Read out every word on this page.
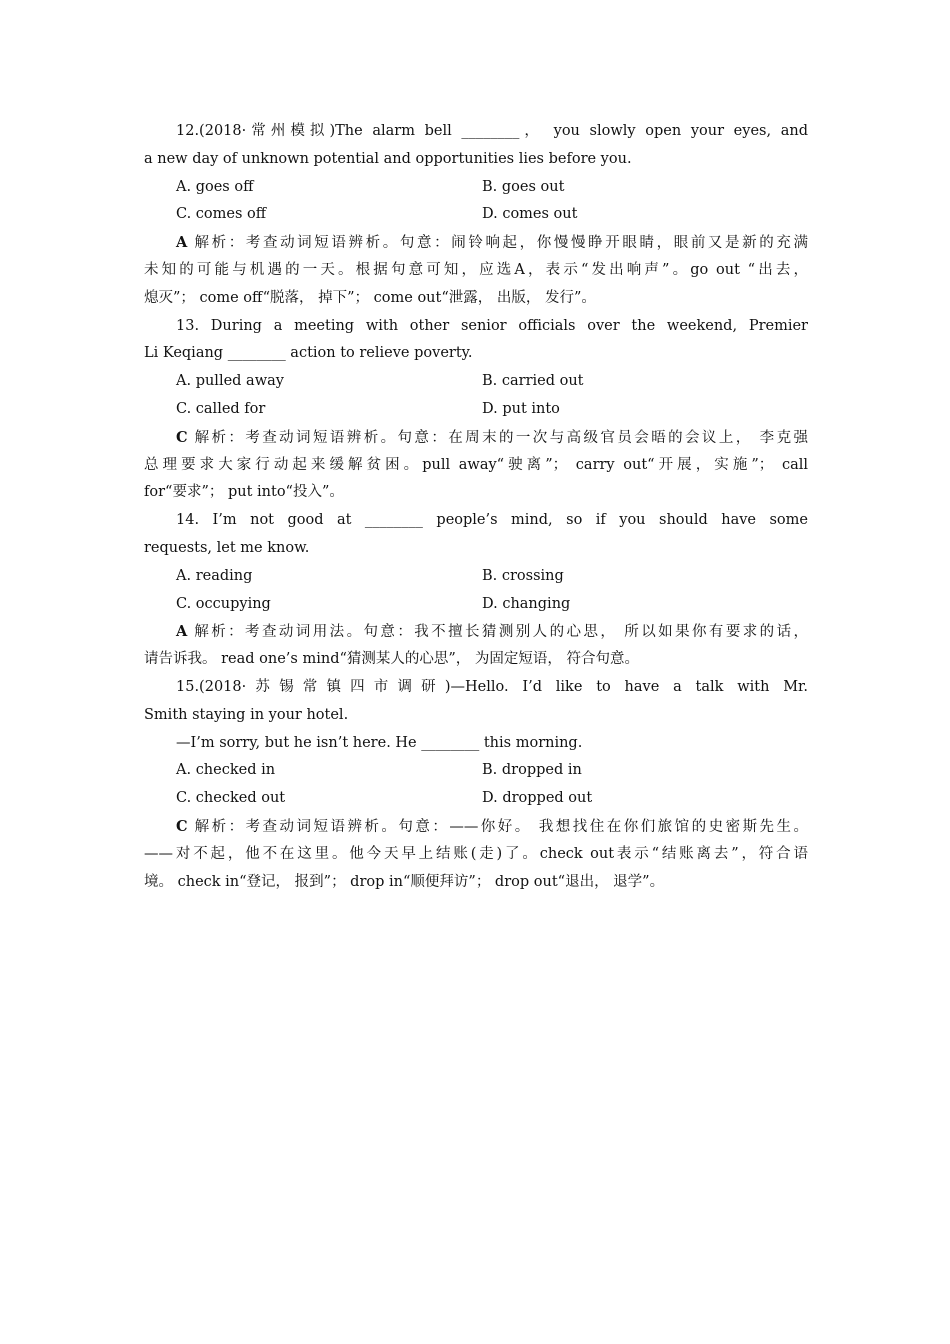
12.(2018·常州模拟)The alarm bell ________， you slowly open your eyes, and
a new day of unknown potential and opportunities lies before you.
A. goes off	B. goes out
C. comes off	D. comes out
A 解析：考查动词短语辨析。句意：闹铃响起，你慢慢睁开眼睛，眼前又是新的充满
未知的可能与机遇的一天。根据句意可知，应选A，表示“发出响声”。go out “出去，
熄灭”； come off“脱落， 掉下”； come out“泄露， 出版， 发行”。
13. During a meeting with other senior officials over the weekend, Premier
Li Keqiang ________ action to relieve poverty.
A. pulled away	B. carried out
C. called for	D. put into
C 解析：考查动词短语辨析。句意：在周末的一次与高级官员会晤的会议上， 李克强
总理要求大家行动起来缓解贫困。pull away“驶离”； carry out“开展，实施”； call
for“要求”； put into“投入”。
14. I’m not good at ________ people’s mind, so if you should have some
requests, let me know.
A. reading	B. crossing
C. occupying	D. changing
A 解析：考查动词用法。句意：我不擅长猜测别人的心思， 所以如果你有要求的话，
请告诉我。 read one’s mind“猜测某人的心思”， 为固定短语， 符合句意。
15.(2018·苏锡常镇四市调研)—Hello. I’d like to have a talk with Mr.
Smith staying in your hotel.
—I’m sorry, but he isn’t here. He ________ this morning.
A. checked in	B. dropped in
C. checked out	D. dropped out
C 解析：考查动词短语辨析。句意：——你好。 我想找住在你们旅馆的史密斯先生。
——对不起，他不在这里。他今天早上结账(走)了。check out表示“结账离去”，符合语
境。 check in“登记， 报到”； drop in“顺便拜访”； drop out“退出， 退学”。
